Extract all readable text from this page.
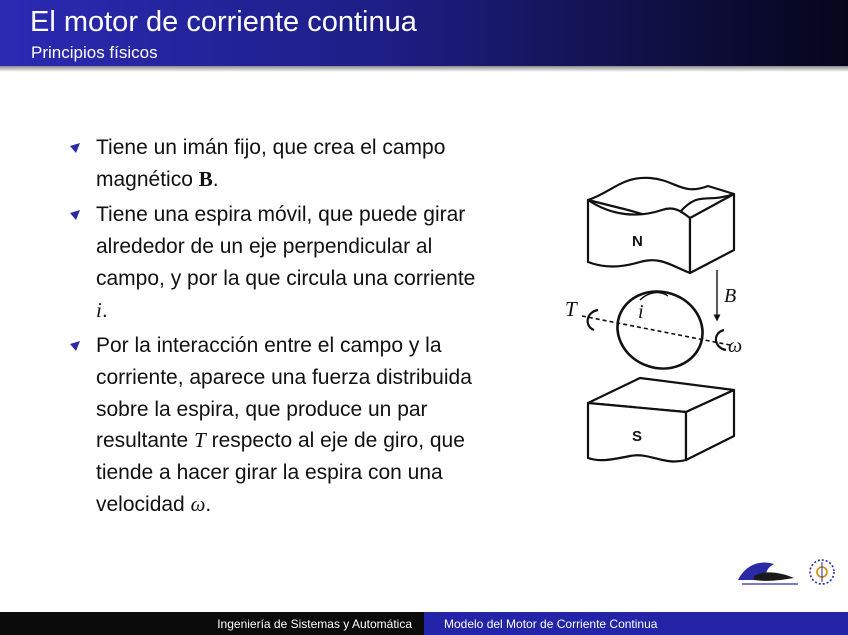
El motor de corriente continua
Principios físicos
Tiene un imán fijo, que crea el campo magnético B.
Tiene una espira móvil, que puede girar alrededor de un eje perpendicular al campo, y por la que circula una corriente i.
Por la interacción entre el campo y la corriente, aparece una fuerza distribuida sobre la espira, que produce un par resultante T respecto al eje de giro, que tiende a hacer girar la espira con una velocidad ω.
N
S
B
i
T
ω
Ingeniería de Sistemas y Automática	Modelo del Motor de Corriente Continua
